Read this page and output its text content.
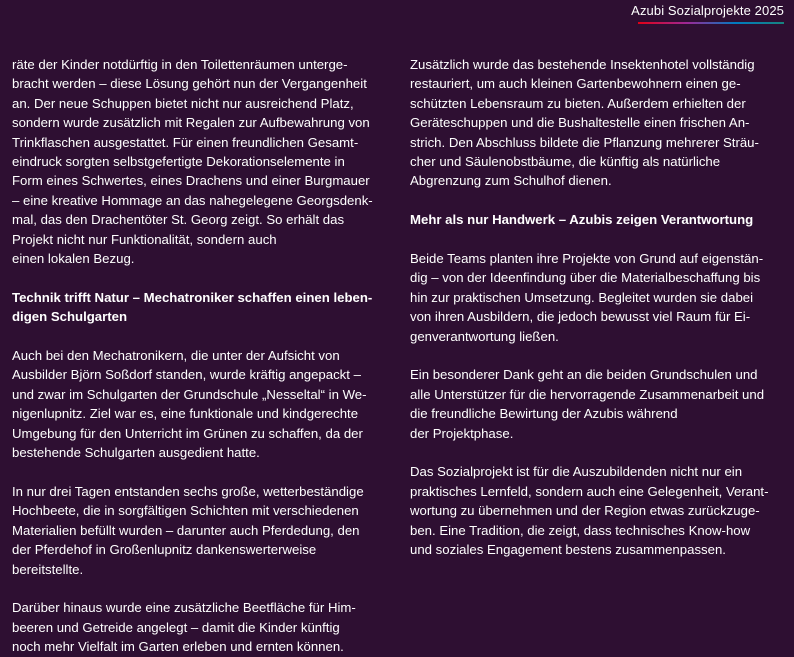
Azubi Sozialprojekte 2025
räte der Kinder notdürftig in den Toilettenräumen unterge-
bracht werden – diese Lösung gehört nun der Vergangenheit
an. Der neue Schuppen bietet nicht nur ausreichend Platz,
sondern wurde zusätzlich mit Regalen zur Aufbewahrung von
Trinkflaschen ausgestattet. Für einen freundlichen Gesamt-
eindruck sorgten selbstgefertigte Dekorationselemente in
Form eines Schwertes, eines Drachens und einer Burgmauer
– eine kreative Hommage an das nahegelegene Georgsdenk-
mal, das den Drachentöter St. Georg zeigt. So erhält das
Projekt nicht nur Funktionalität, sondern auch
einen lokalen Bezug.
Technik trifft Natur – Mechatroniker schaffen einen leben-
digen Schulgarten
Auch bei den Mechatronikern, die unter der Aufsicht von
Ausbilder Björn Soßdorf standen, wurde kräftig angepackt –
und zwar im Schulgarten der Grundschule „Nesseltal“ in We-
nigenlupnitz. Ziel war es, eine funktionale und kindgerechte
Umgebung für den Unterricht im Grünen zu schaffen, da der
bestehende Schulgarten ausgedient hatte.
In nur drei Tagen entstanden sechs große, wetterbeständige
Hochbeete, die in sorgfältigen Schichten mit verschiedenen
Materialien befüllt wurden – darunter auch Pferdedung, den
der Pferdehof in Großenlupnitz dankenswerterweise
bereitstellte.
Darüber hinaus wurde eine zusätzliche Beetfläche für Him-
beeren und Getreide angelegt – damit die Kinder künftig
noch mehr Vielfalt im Garten erleben und ernten können.
Zusätzlich wurde das bestehende Insektenhotel vollständig
restauriert, um auch kleinen Gartenbewohnern einen ge-
schützten Lebensraum zu bieten. Außerdem erhielten der
Geräteschuppen und die Bushaltestelle einen frischen An-
strich. Den Abschluss bildete die Pflanzung mehrerer Sträu-
cher und Säulenobstbäume, die künftig als natürliche
Abgrenzung zum Schulhof dienen.
Mehr als nur Handwerk – Azubis zeigen Verantwortung
Beide Teams planten ihre Projekte von Grund auf eigenstän-
dig – von der Ideenfindung über die Materialbeschaffung bis
hin zur praktischen Umsetzung. Begleitet wurden sie dabei
von ihren Ausbildern, die jedoch bewusst viel Raum für Ei-
genverantwortung ließen.
Ein besonderer Dank geht an die beiden Grundschulen und
alle Unterstützer für die hervorragende Zusammenarbeit und
die freundliche Bewirtung der Azubis während
der Projektphase.
Das Sozialprojekt ist für die Auszubildenden nicht nur ein
praktisches Lernfeld, sondern auch eine Gelegenheit, Verant-
wortung zu übernehmen und der Region etwas zurückzuge-
ben. Eine Tradition, die zeigt, dass technisches Know-how
und soziales Engagement bestens zusammenpassen.
